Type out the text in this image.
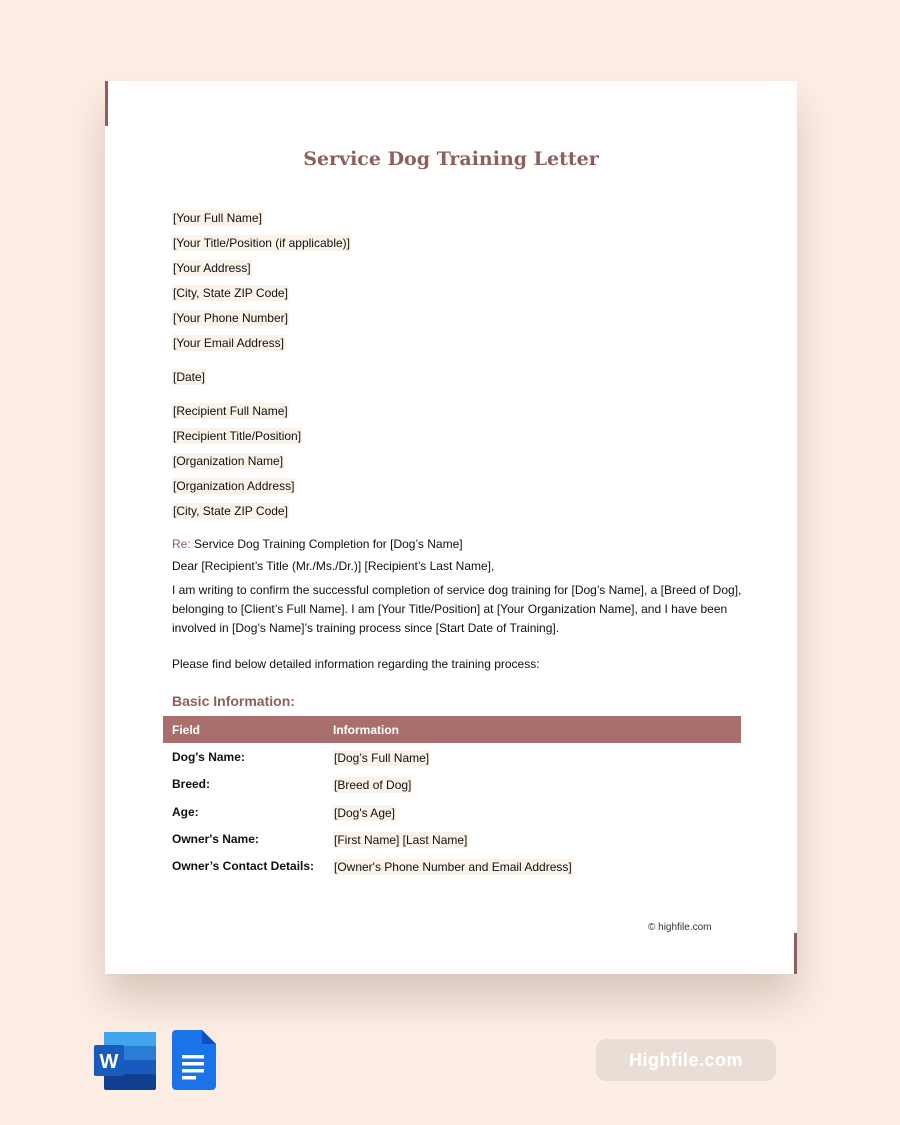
Service Dog Training Letter
[Your Full Name]
[Your Title/Position (if applicable)]
[Your Address]
[City, State ZIP Code]
[Your Phone Number]
[Your Email Address]
[Date]
[Recipient Full Name]
[Recipient Title/Position]
[Organization Name]
[Organization Address]
[City, State ZIP Code]
Re: Service Dog Training Completion for [Dog’s Name]
Dear [Recipient’s Title (Mr./Ms./Dr.)] [Recipient’s Last Name],
I am writing to confirm the successful completion of service dog training for [Dog’s Name], a [Breed of Dog], belonging to [Client’s Full Name]. I am [Your Title/Position] at [Your Organization Name], and I have been involved in [Dog’s Name]’s training process since [Start Date of Training].
Please find below detailed information regarding the training process:
Basic Information:
Field	Information
Dog's Name:	[Dog’s Full Name]
Breed:	[Breed of Dog]
Age:	[Dog's Age]
Owner's Name:	[First Name] [Last Name]
Owner’s Contact Details: [Owner's Phone Number and Email Address]
© highfile.com
W	Highfile.com
